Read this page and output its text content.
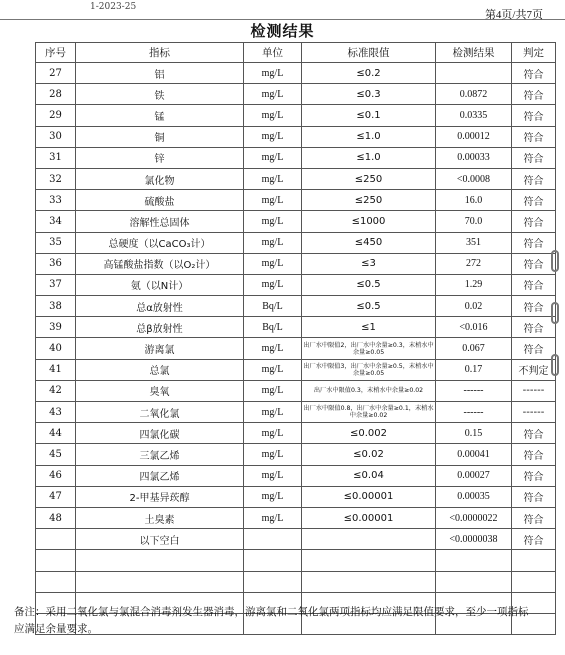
1-2023-25
第4页/共7页
检测结果
序号	指标	单位	标准限值	检测结果	判定
27	铝	mg/L	≤0.2		符合
28	铁	mg/L	≤0.3	0.0872	符合
29	锰	mg/L	≤0.1	0.0335	符合
30	铜	mg/L	≤1.0	0.00012	符合
31	锌	mg/L	≤1.0	0.00033	符合
32	氯化物	mg/L	≤250	<0.0008	符合
33	硫酸盐	mg/L	≤250	16.0	符合
34	溶解性总固体	mg/L	≤1000	70.0	符合
35	总硬度（以CaCO₃计）	mg/L	≤450	351	符合
36	高锰酸盐指数（以O₂计）	mg/L	≤3	272	符合
37	氨（以N计）	mg/L	≤0.5	1.29	符合
38	总α放射性	Bq/L	≤0.5	0.02	符合
39	总β放射性	Bq/L	≤1	<0.016	符合
40	游离氯	mg/L	出厂水中限值2，出厂水中余量≥0.3，末梢水中余量≥0.05	0.067	符合
41	总氯	mg/L	出厂水中限值3，出厂水中余量≥0.5，末梢水中余量≥0.05	0.17	不判定
42	臭氧	mg/L	出厂水中限值0.3，末梢水中余量≥0.02	------	------
43	二氧化氯	mg/L	出厂水中限值0.8，出厂水中余量≥0.1，末梢水中余量≥0.02	------	------
44	四氯化碳	mg/L	≤0.002	0.15	符合
45	三氯乙烯	mg/L	≤0.02	0.00041	符合
46	四氯乙烯	mg/L	≤0.04	0.00027	符合
47	2-甲基异莰醇	mg/L	≤0.00001	0.00035	符合
48	土臭素	mg/L	≤0.00001	<0.0000022	符合
	以下空白			<0.0000038	符合

备注：采用二氧化氯与氯混合消毒剂发生器消毒，游离氯和二氧化氯两项指标均应满足限值要求，至少一项指标应满足余量要求。
